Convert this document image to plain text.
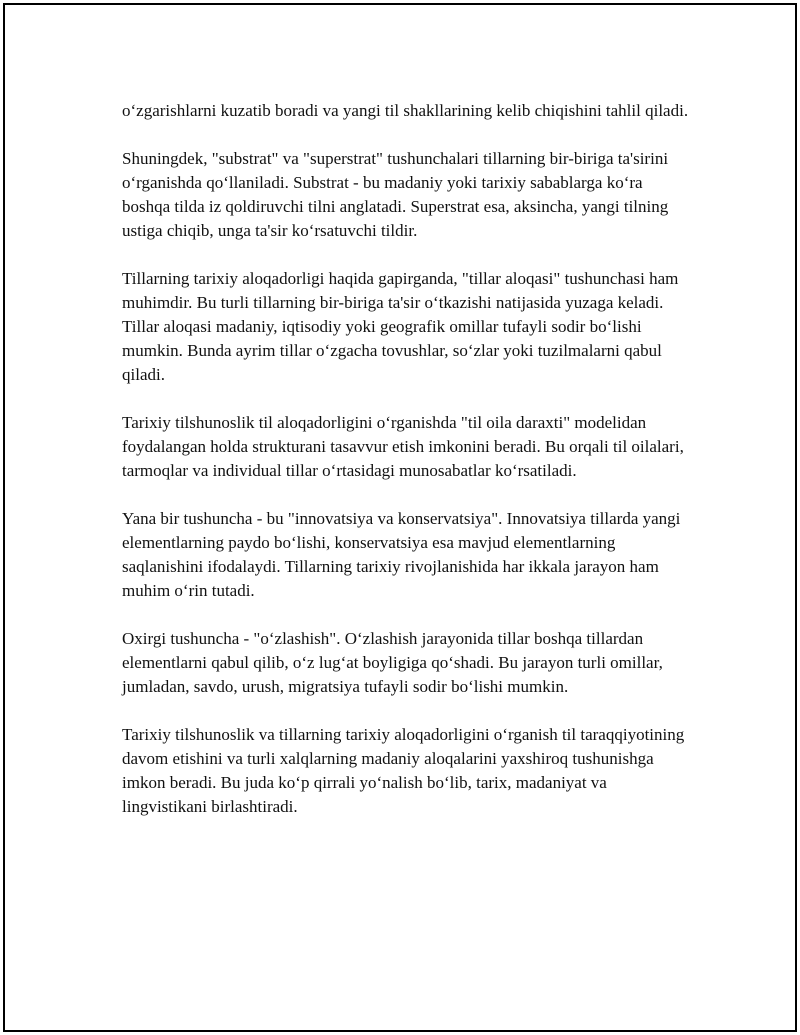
o‘zgarishlarni kuzatib boradi va yangi til shakllarining kelib chiqishini tahlil qiladi.

Shuningdek, "substrat" va "superstrat" tushunchalari tillarning bir-biriga ta'sirini o‘rganishda qo‘llaniladi. Substrat - bu madaniy yoki tarixiy sabablarga ko‘ra boshqa tilda iz qoldiruvchi tilni anglatadi. Superstrat esa, aksincha, yangi tilning ustiga chiqib, unga ta'sir ko‘rsatuvchi tildir.

Tillarning tarixiy aloqadorligi haqida gapirganda, "tillar aloqasi" tushunchasi ham muhimdir. Bu turli tillarning bir-biriga ta'sir o‘tkazishi natijasida yuzaga keladi. Tillar aloqasi madaniy, iqtisodiy yoki geografik omillar tufayli sodir bo‘lishi mumkin. Bunda ayrim tillar o‘zgacha tovushlar, so‘zlar yoki tuzilmalarni qabul qiladi.

Tarixiy tilshunoslik til aloqadorligini o‘rganishda "til oila daraxti" modelidan foydalangan holda strukturani tasavvur etish imkonini beradi. Bu orqali til oilalari, tarmoqlar va individual tillar o‘rtasidagi munosabatlar ko‘rsatiladi.

Yana bir tushuncha - bu "innovatsiya va konservatsiya". Innovatsiya tillarda yangi elementlarning paydo bo‘lishi, konservatsiya esa mavjud elementlarning saqlanishini ifodalaydi. Tillarning tarixiy rivojlanishida har ikkala jarayon ham muhim o‘rin tutadi.

Oxirgi tushuncha - "o‘zlashish". O‘zlashish jarayonida tillar boshqa tillardan elementlarni qabul qilib, o‘z lug‘at boyligiga qo‘shadi. Bu jarayon turli omillar, jumladan, savdo, urush, migratsiya tufayli sodir bo‘lishi mumkin.

Tarixiy tilshunoslik va tillarning tarixiy aloqadorligini o‘rganish til taraqqiyotining davom etishini va turli xalqlarning madaniy aloqalarini yaxshiroq tushunishga imkon beradi. Bu juda ko‘p qirrali yo‘nalish bo‘lib, tarix, madaniyat va lingvistikani birlashtiradi.
